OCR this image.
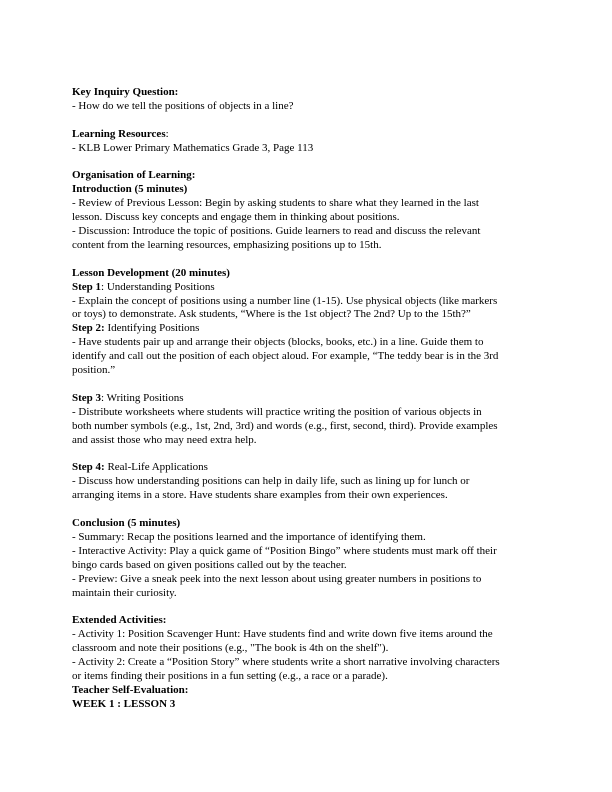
Key Inquiry Question:
- How do we tell the positions of objects in a line?
Learning Resources:
- KLB Lower Primary Mathematics Grade 3, Page 113
Organisation of Learning:
Introduction (5 minutes)
- Review of Previous Lesson: Begin by asking students to share what they learned in the last
lesson. Discuss key concepts and engage them in thinking about positions.
- Discussion: Introduce the topic of positions. Guide learners to read and discuss the relevant
content from the learning resources, emphasizing positions up to 15th.
Lesson Development (20 minutes)
Step 1: Understanding Positions
- Explain the concept of positions using a number line (1-15). Use physical objects (like markers
or toys) to demonstrate. Ask students, “Where is the 1st object? The 2nd? Up to the 15th?”
Step 2: Identifying Positions
- Have students pair up and arrange their objects (blocks, books, etc.) in a line. Guide them to
identify and call out the position of each object aloud. For example, “The teddy bear is in the 3rd
position.”
Step 3: Writing Positions
- Distribute worksheets where students will practice writing the position of various objects in
both number symbols (e.g., 1st, 2nd, 3rd) and words (e.g., first, second, third). Provide examples
and assist those who may need extra help.
Step 4: Real-Life Applications
- Discuss how understanding positions can help in daily life, such as lining up for lunch or
arranging items in a store. Have students share examples from their own experiences.
Conclusion (5 minutes)
- Summary: Recap the positions learned and the importance of identifying them.
- Interactive Activity: Play a quick game of “Position Bingo” where students must mark off their
bingo cards based on given positions called out by the teacher.
- Preview: Give a sneak peek into the next lesson about using greater numbers in positions to
maintain their curiosity.
Extended Activities:
- Activity 1: Position Scavenger Hunt: Have students find and write down five items around the
classroom and note their positions (e.g., "The book is 4th on the shelf").
- Activity 2: Create a “Position Story” where students write a short narrative involving characters
or items finding their positions in a fun setting (e.g., a race or a parade).
Teacher Self-Evaluation:
WEEK 1 : LESSON 3
